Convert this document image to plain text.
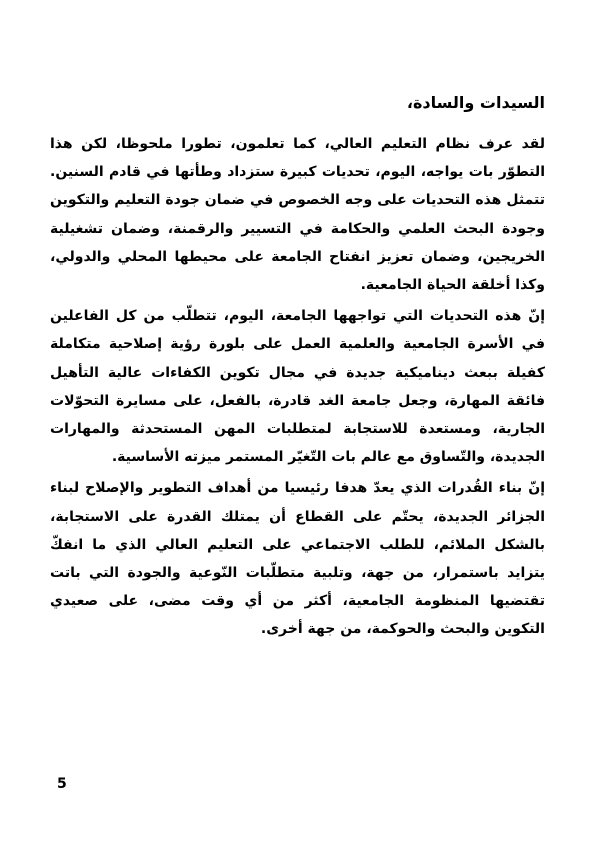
السيدات والسادة،

لقد عرف نظام التعليم العالي، كما تعلمون، تطورا ملحوظا، لكن هذا التطوّر بات يواجه، اليوم، تحديات كبيرة ستزداد وطأتها في قادم السنين. تتمثل هذه التحديات على وجه الخصوص في ضمان جودة التعليم والتكوين وجودة البحث العلمي والحكامة في التسيير والرقمنة، وضمان تشغيلية الخريجين، وضمان تعزيز انفتاح الجامعة على محيطها المحلي والدولي، وكذا أخلقة الحياة الجامعية.

إنّ هذه التحديات التي تواجهها الجامعة، اليوم، تتطلّب من كل الفاعلين في الأسرة الجامعية والعلمية العمل على بلورة رؤية إصلاحية متكاملة كفيلة ببعث ديناميكية جديدة في مجال تكوين الكفاءات عالية التأهيل فائقة المهارة، وجعل جامعة الغد قادرة، بالفعل، على مسايرة التحوّلات الجارية، ومستعدة للاستجابة لمتطلبات المهن المستحدثة والمهارات الجديدة، والتّساوق مع عالم بات التّغيّر المستمر ميزته الأساسية.

إنّ بناء القُدرات الذي يعدّ هدفا رئيسيا من أهداف التطوير والإصلاح لبناء الجزائر الجديدة، يحتّم على القطاع أن يمتلك القدرة على الاستجابة، بالشكل الملائم، للطلب الاجتماعي على التعليم العالي الذي ما انفكّ يتزايد باستمرار، من جهة، وتلبية متطلّبات النّوعية والجودة التي باتت تقتضيها المنظومة الجامعية، أكثر من أي وقت مضى، على صعيدي التكوين والبحث والحوكمة، من جهة أخرى.

5
